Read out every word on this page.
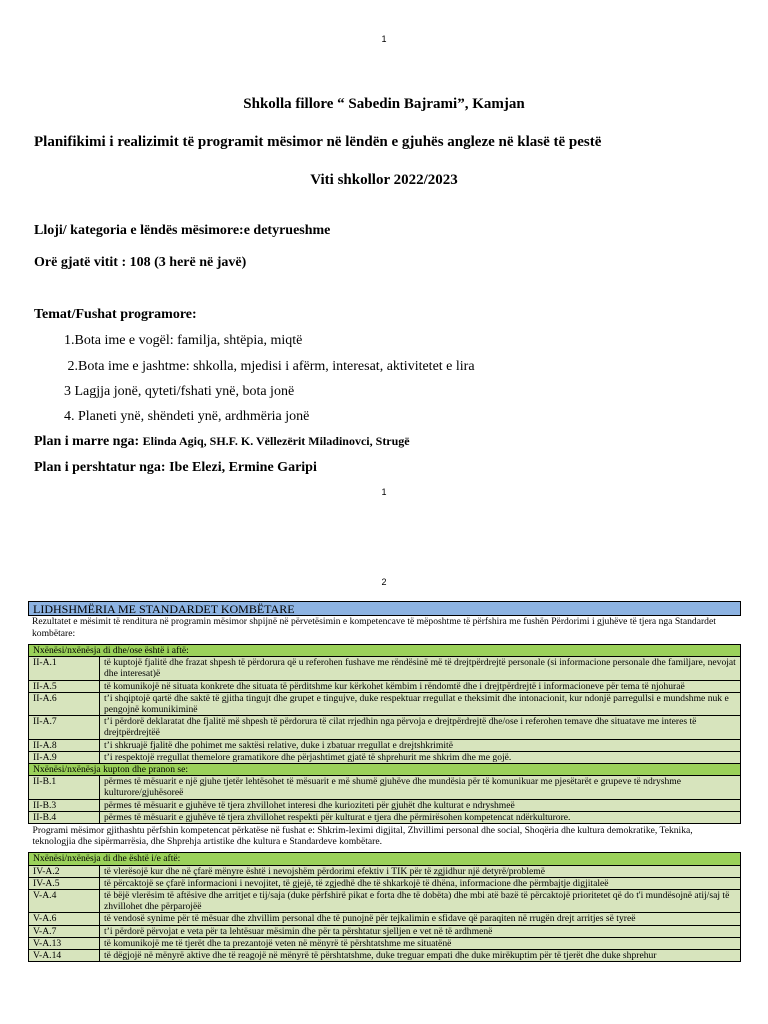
1
Shkolla fillore “ Sabedin Bajrami”, Kamjan
Planifikimi i realizimit të programit mësimor në lëndën e gjuhës angleze në klasë të pestë
Viti shkollor 2022/2023
Lloji/ kategoria e lëndës mësimore:e detyrueshme
Orë gjatë vitit : 108 (3 herë në javë)
Temat/Fushat programore:
1.Bota ime e vogël: familja, shtëpia, miqtë
2.Bota ime e jashtme: shkolla, mjedisi i afërm, interesat, aktivitetet e lira
3 Lagjja jonë, qyteti/fshati ynë, bota jonë
4. Planeti ynë, shëndeti ynë, ardhmëria jonë
Plan i marre nga: Elinda Agiq, SH.F. K. Vëllezërit Miladinovci, Strugë
Plan i pershtatur nga: Ibe Elezi, Ermine Garipi
1
2
LIDHSHMËRIA ME STANDARDET KOMBËTARE
Rezultatet e mësimit të renditura në programin mësimor shpijnë në përvetësimin e kompetencave të mëposhtme të përfshira me fushën Përdorimi i gjuhëve të tjera nga Standardet kombëtare:
Nxënësi/nxënësja di dhe/ose është i aftë:	
II-A.1	të kuptojë fjalitë dhe frazat shpesh të përdorura që u referohen fushave me rëndësinë më të drejtpërdrejtë personale (si informacione personale dhe familjare, nevojat dhe interesat)ë
II-A.5	të komunikojë në situata konkrete dhe situata të përditshme kur kërkohet këmbim i rëndomtë dhe i drejtpërdrejtë i informacioneve për tema të njohuraë
II-A.6	t’i shqiptojë qartë dhe saktë të gjitha tingujt dhe grupet e tingujve, duke respektuar rregullat e theksimit dhe intonacionit, kur ndonjë parregullsi e mundshme nuk e pengojnë komunikiminë
II-A.7	t’i përdorë deklaratat dhe fjalitë më shpesh të përdorura të cilat rrjedhin nga përvoja e drejtpërdrejtë dhe/ose i referohen temave dhe situatave me interes të drejtpërdrejtëë
II-A.8	t’i shkruajë fjalitë dhe pohimet me saktësi relative, duke i zbatuar rregullat e drejtshkrimitë
II-A.9	t’i respektojë rregullat themelore gramatikore dhe përjashtimet gjatë të shprehurit me shkrim dhe me gojë.
Nxënësi/nxënësja kupton dhe pranon se:	
II-B.1	përmes të mësuarit e një gjuhe tjetër lehtësohet të mësuarit e më shumë gjuhëve dhe mundësia për të komunikuar me pjesëtarët e grupeve të ndryshme kulturore/gjuhësoreë
II-B.3	përmes të mësuarit e gjuhëve të tjera zhvillohet interesi dhe kurioziteti për gjuhët dhe kulturat e ndryshmeë
II-B.4	përmes të mësuarit e gjuhëve të tjera zhvillohet respekti për kulturat e tjera dhe përmirësohen kompetencat ndërkulturore.
Programi mësimor gjithashtu përfshin kompetencat përkatëse në fushat e: Shkrim-leximi digjital, Zhvillimi personal dhe social, Shoqëria dhe kultura demokratike, Teknika, teknologjia dhe sipërmarrësia, dhe Shprehja artistike dhe kultura e Standardeve kombëtare.	
Nxënësi/nxënësja di dhe është i/e aftë:	
IV-A.2	të vlerësojë kur dhe në çfarë mënyre është i nevojshëm përdorimi efektiv i TIK për të zgjidhur një detyrë/problemë
IV-A.5	të përcaktojë se çfarë informacioni i nevojitet, të gjejë, të zgjedhë dhe të shkarkojë të dhëna, informacione dhe përmbajtje digjitaleë
V-A.4	të bëjë vlerësim të aftësive dhe arritjet e tij/saja (duke përfshirë pikat e forta dhe të dobëta) dhe mbi atë bazë të përcaktojë prioritetet që do t'i mundësojnë atij/saj të zhvillohet dhe përparojëë
V-A.6	të vendosë synime për të mësuar dhe zhvillim personal dhe të punojnë për tejkalimin e sfidave që paraqiten në rrugën drejt arritjes së tyreë
V-A.7	t’i përdorë përvojat e veta për ta lehtësuar mësimin dhe për ta përshtatur sjelljen e vet në të ardhmenë
V-A.13	të komunikojë me të tjerët dhe ta prezantojë veten në mënyrë të përshtatshme me situatënë
V-A.14	të dëgjojë në mënyrë aktive dhe të reagojë në mënyrë të përshtatshme, duke treguar empati dhe duke mirëkuptim për të tjerët dhe duke shprehur
